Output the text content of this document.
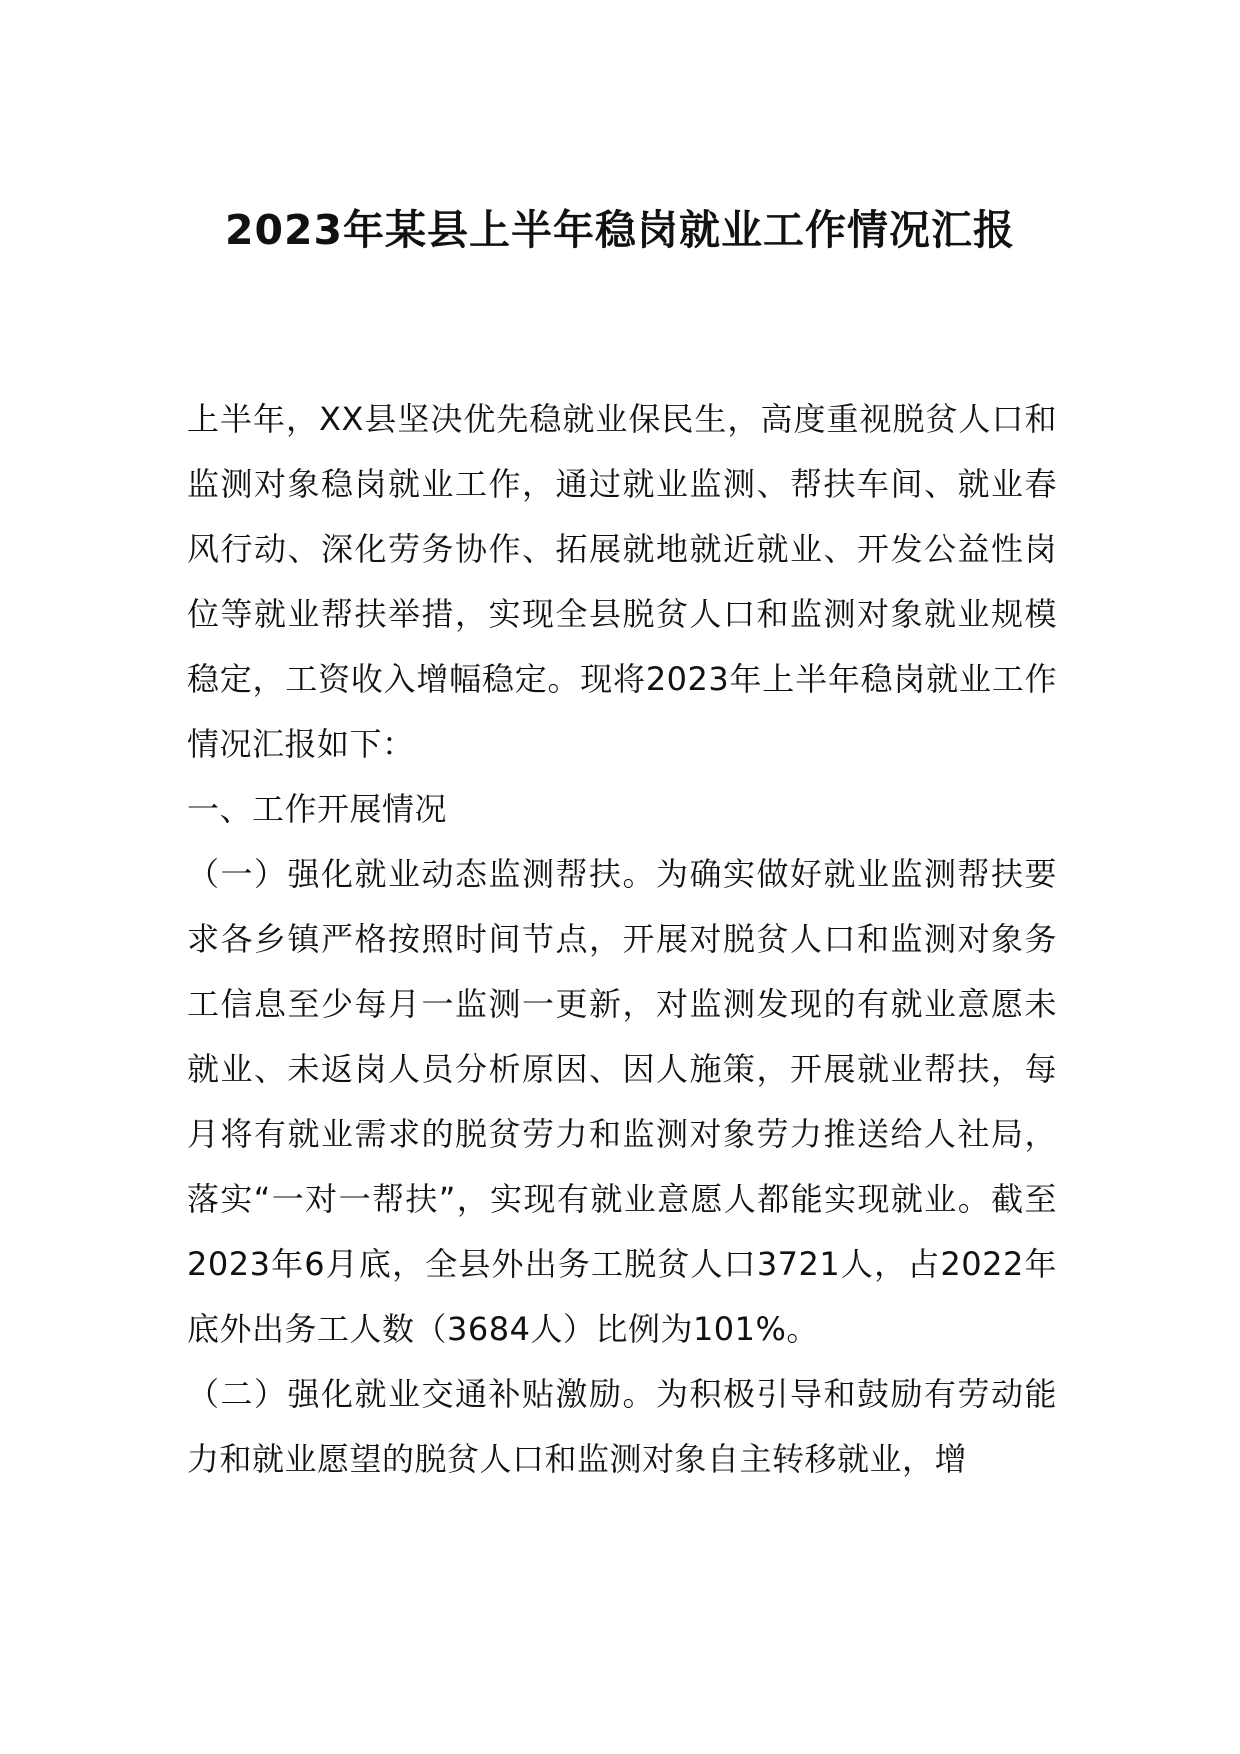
2023年某县上半年稳岗就业工作情况汇报

上半年，XX县坚决优先稳就业保民生，高度重视脱贫人口和监测对象稳岗就业工作，通过就业监测、帮扶车间、就业春风行动、深化劳务协作、拓展就地就近就业、开发公益性岗位等就业帮扶举措，实现全县脱贫人口和监测对象就业规模稳定，工资收入增幅稳定。现将2023年上半年稳岗就业工作情况汇报如下：

一、工作开展情况

（一）强化就业动态监测帮扶。为确实做好就业监测帮扶要求各乡镇严格按照时间节点，开展对脱贫人口和监测对象务工信息至少每月一监测一更新，对监测发现的有就业意愿未就业、未返岗人员分析原因、因人施策，开展就业帮扶，每月将有就业需求的脱贫劳力和监测对象劳力推送给人社局，落实“一对一帮扶”，实现有就业意愿人都能实现就业。截至2023年6月底，全县外出务工脱贫人口3721人，占2022年底外出务工人数（3684人）比例为101%。

（二）强化就业交通补贴激励。为积极引导和鼓励有劳动能力和就业愿望的脱贫人口和监测对象自主转移就业，增
